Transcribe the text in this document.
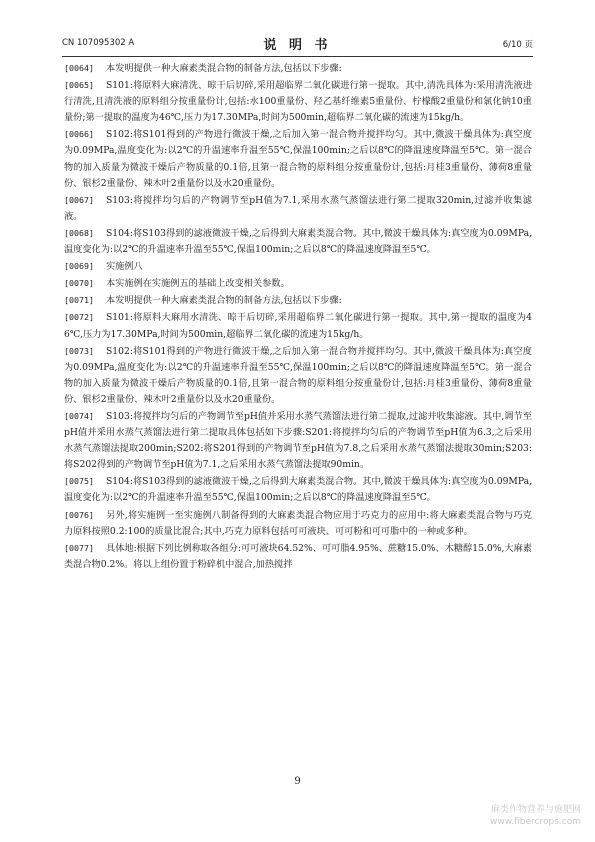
CN 107095302 A	说 明 书	6/10 页

[0064] 本发明提供一种大麻素类混合物的制备方法,包括以下步骤:

[0065] S101:将原料大麻清洗、晾干后切碎,采用超临界二氧化碳进行第一提取。其中,清洗具体为:采用清洗液进行清洗,且清洗液的原料组分按重量份计,包括:水100重量份、羟乙基纤维素5重量份、柠檬酸2重量份和氯化钠10重量份;第一提取的温度为46℃,压力为17.30MPa,时间为500min,超临界二氧化碳的流速为15kg/h。

[0066] S102:将S101得到的产物进行微波干燥,之后加入第一混合物并搅拌均匀。其中,微波干燥具体为:真空度为0.09MPa,温度变化为:以2℃的升温速率升温至55℃,保温100min;之后以8℃的降温速度降温至5℃。第一混合物的加入质量为微波干燥后产物质量的0.1倍,且第一混合物的原料组分按重量份计,包括:月桂3重量份、薄荷8重量份、银杉2重量份、辣木叶2重量份以及水20重量份。

[0067] S103:将搅拌均匀后的产物调节至pH值为7.1,采用水蒸气蒸馏法进行第二提取320min,过滤并收集滤液。

[0068] S104:将S103得到的滤液微波干燥,之后得到大麻素类混合物。其中,微波干燥具体为:真空度为0.09MPa,温度变化为:以2℃的升温速率升温至55℃,保温100min;之后以8℃的降温速度降温至5℃。

[0069] 实施例八

[0070] 本实施例在实施例五的基础上改变相关参数。

[0071] 本发明提供一种大麻素类混合物的制备方法,包括以下步骤:

[0072] S101:将原料大麻用水清洗、晾干后切碎,采用超临界二氧化碳进行第一提取。其中,第一提取的温度为46℃,压力为17.30MPa,时间为500min,超临界二氧化碳的流速为15kg/h。

[0073] S102:将S101得到的产物进行微波干燥,之后加入第一混合物并搅拌均匀。其中,微波干燥具体为:真空度为0.09MPa,温度变化为:以2℃的升温速率升温至55℃,保温100min;之后以8℃的降温速度降温至5℃。第一混合物的加入质量为微波干燥后产物质量的0.1倍,且第一混合物的原料组分按重量份计,包括:月桂3重量份、薄荷8重量份、银杉2重量份、辣木叶2重量份以及水20重量份。

[0074] S103:将搅拌均匀后的产物调节至pH值并采用水蒸气蒸馏法进行第二提取,过滤并收集滤液。其中,调节至pH值并采用水蒸气蒸馏法进行第二提取具体包括如下步骤:S201:将搅拌均匀后的产物调节至pH值为6.3,之后采用水蒸气蒸馏法提取200min;S202:将S201得到的产物调节至pH值为7.8,之后采用水蒸气蒸馏法提取30min;S203:将S202得到的产物调节至pH值为7.1,之后采用水蒸气蒸馏法提取90min。

[0075] S104:将S103得到的滤液微波干燥,之后得到大麻素类混合物。其中,微波干燥具体为:真空度为0.09MPa,温度变化为:以2℃的升温速率升温至55℃,保温100min;之后以8℃的降温速度降温至5℃。

[0076] 另外,将实施例一至实施例八制备得到的大麻素类混合物应用于巧克力的应用中:将大麻素类混合物与巧克力原料按照0.2:100的质量比混合;其中,巧克力原料包括可可液块、可可粉和可可脂中的一种或多种。

[0077] 具体地:根据下列比例称取各组分:可可液块64.52%、可可脂4.95%、蔗糖15.0%、木糖醇15.0%,大麻素类混合物0.2%。将以上组份置于粉碎机中混合,加热搅拌

9
麻类作物营养与施肥网
www.fibercrops.com
